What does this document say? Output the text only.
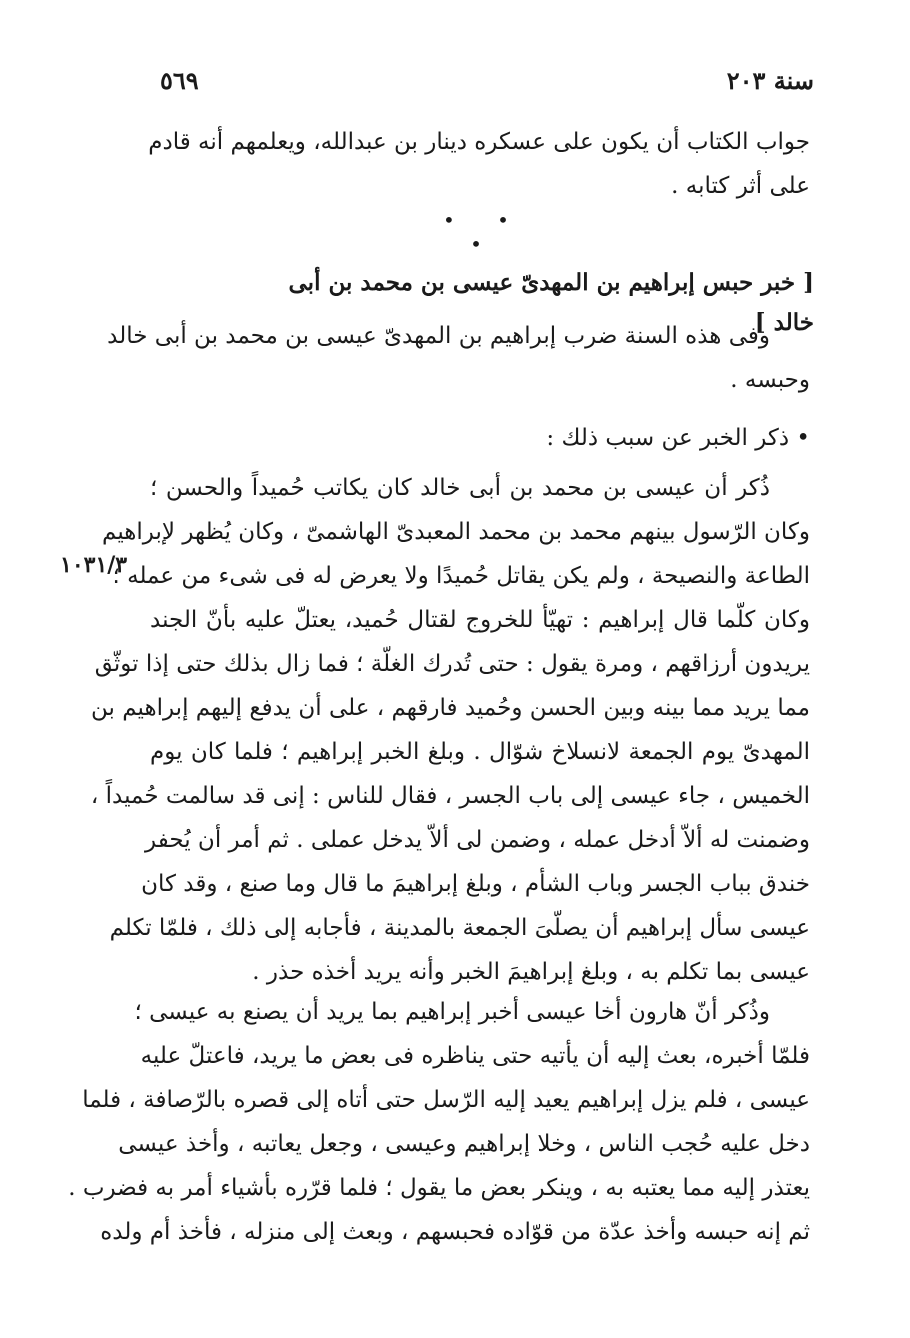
سنة ٢٠٣
٥٦٩
جواب الكتاب أن يكون على عسكره دينار بن عبدالله، ويعلمهم أنه قادم
على أثر كتابه .
• • •
[ خبر حبس إبراهيم بن المهدىّ عيسى بن محمد بن أبى خالد ]
وفى هذه السنة ضرب إبراهيم بن المهدىّ عيسى بن محمد بن أبى خالد
وحبسه .
• ذكر الخبر عن سبب ذلك :
١٠٣١/٣
ذُكر أن عيسى بن محمد بن أبى خالد كان يكاتب حُميداً والحسن ؛
وكان الرّسول بينهم محمد بن محمد المعبدىّ الهاشمىّ ، وكان يُظهر لإبراهيم
الطاعة والنصيحة ، ولم يكن يقاتل حُميدًا ولا يعرض له فى شىء من عمله ؛
وكان كلّما قال إبراهيم : تهيّأ للخروج لقتال حُميد، يعتلّ عليه بأنّ الجند
يريدون أرزاقهم ، ومرة يقول : حتى تُدرك الغلّة ؛ فما زال بذلك حتى إذا توثّق
مما يريد مما بينه وبين الحسن وحُميد فارقهم ، على أن يدفع إليهم إبراهيم بن
المهدىّ يوم الجمعة لانسلاخ شوّال . وبلغ الخبر إبراهيم ؛ فلما كان يوم
الخميس ، جاء عيسى إلى باب الجسر ، فقال للناس : إنى قد سالمت حُميداً ،
وضمنت له ألاّ أدخل عمله ، وضمن لى ألاّ يدخل عملى . ثم أمر أن يُحفر
خندق بباب الجسر وباب الشأم ، وبلغ إبراهيمَ ما قال وما صنع ، وقد كان
عيسى سأل إبراهيم أن يصلّىَ الجمعة بالمدينة ، فأجابه إلى ذلك ، فلمّا تكلم
عيسى بما تكلم به ، وبلغ إبراهيمَ الخبر وأنه يريد أخذه حذر .
وذُكر أنّ هارون أخا عيسى أخبر إبراهيم بما يريد أن يصنع به عيسى ؛
فلمّا أخبره، بعث إليه أن يأتيه حتى يناظره فى بعض ما يريد، فاعتلّ عليه
عيسى ، فلم يزل إبراهيم يعيد إليه الرّسل حتى أتاه إلى قصره بالرّصافة ، فلما
دخل عليه حُجب الناس ، وخلا إبراهيم وعيسى ، وجعل يعاتبه ، وأخذ عيسى
يعتذر إليه مما يعتبه به ، وينكر بعض ما يقول ؛ فلما قرّره بأشياء أمر به فضرب .
ثم إنه حبسه وأخذ عدّة من قوّاده فحبسهم ، وبعث إلى منزله ، فأخذ أم ولده
